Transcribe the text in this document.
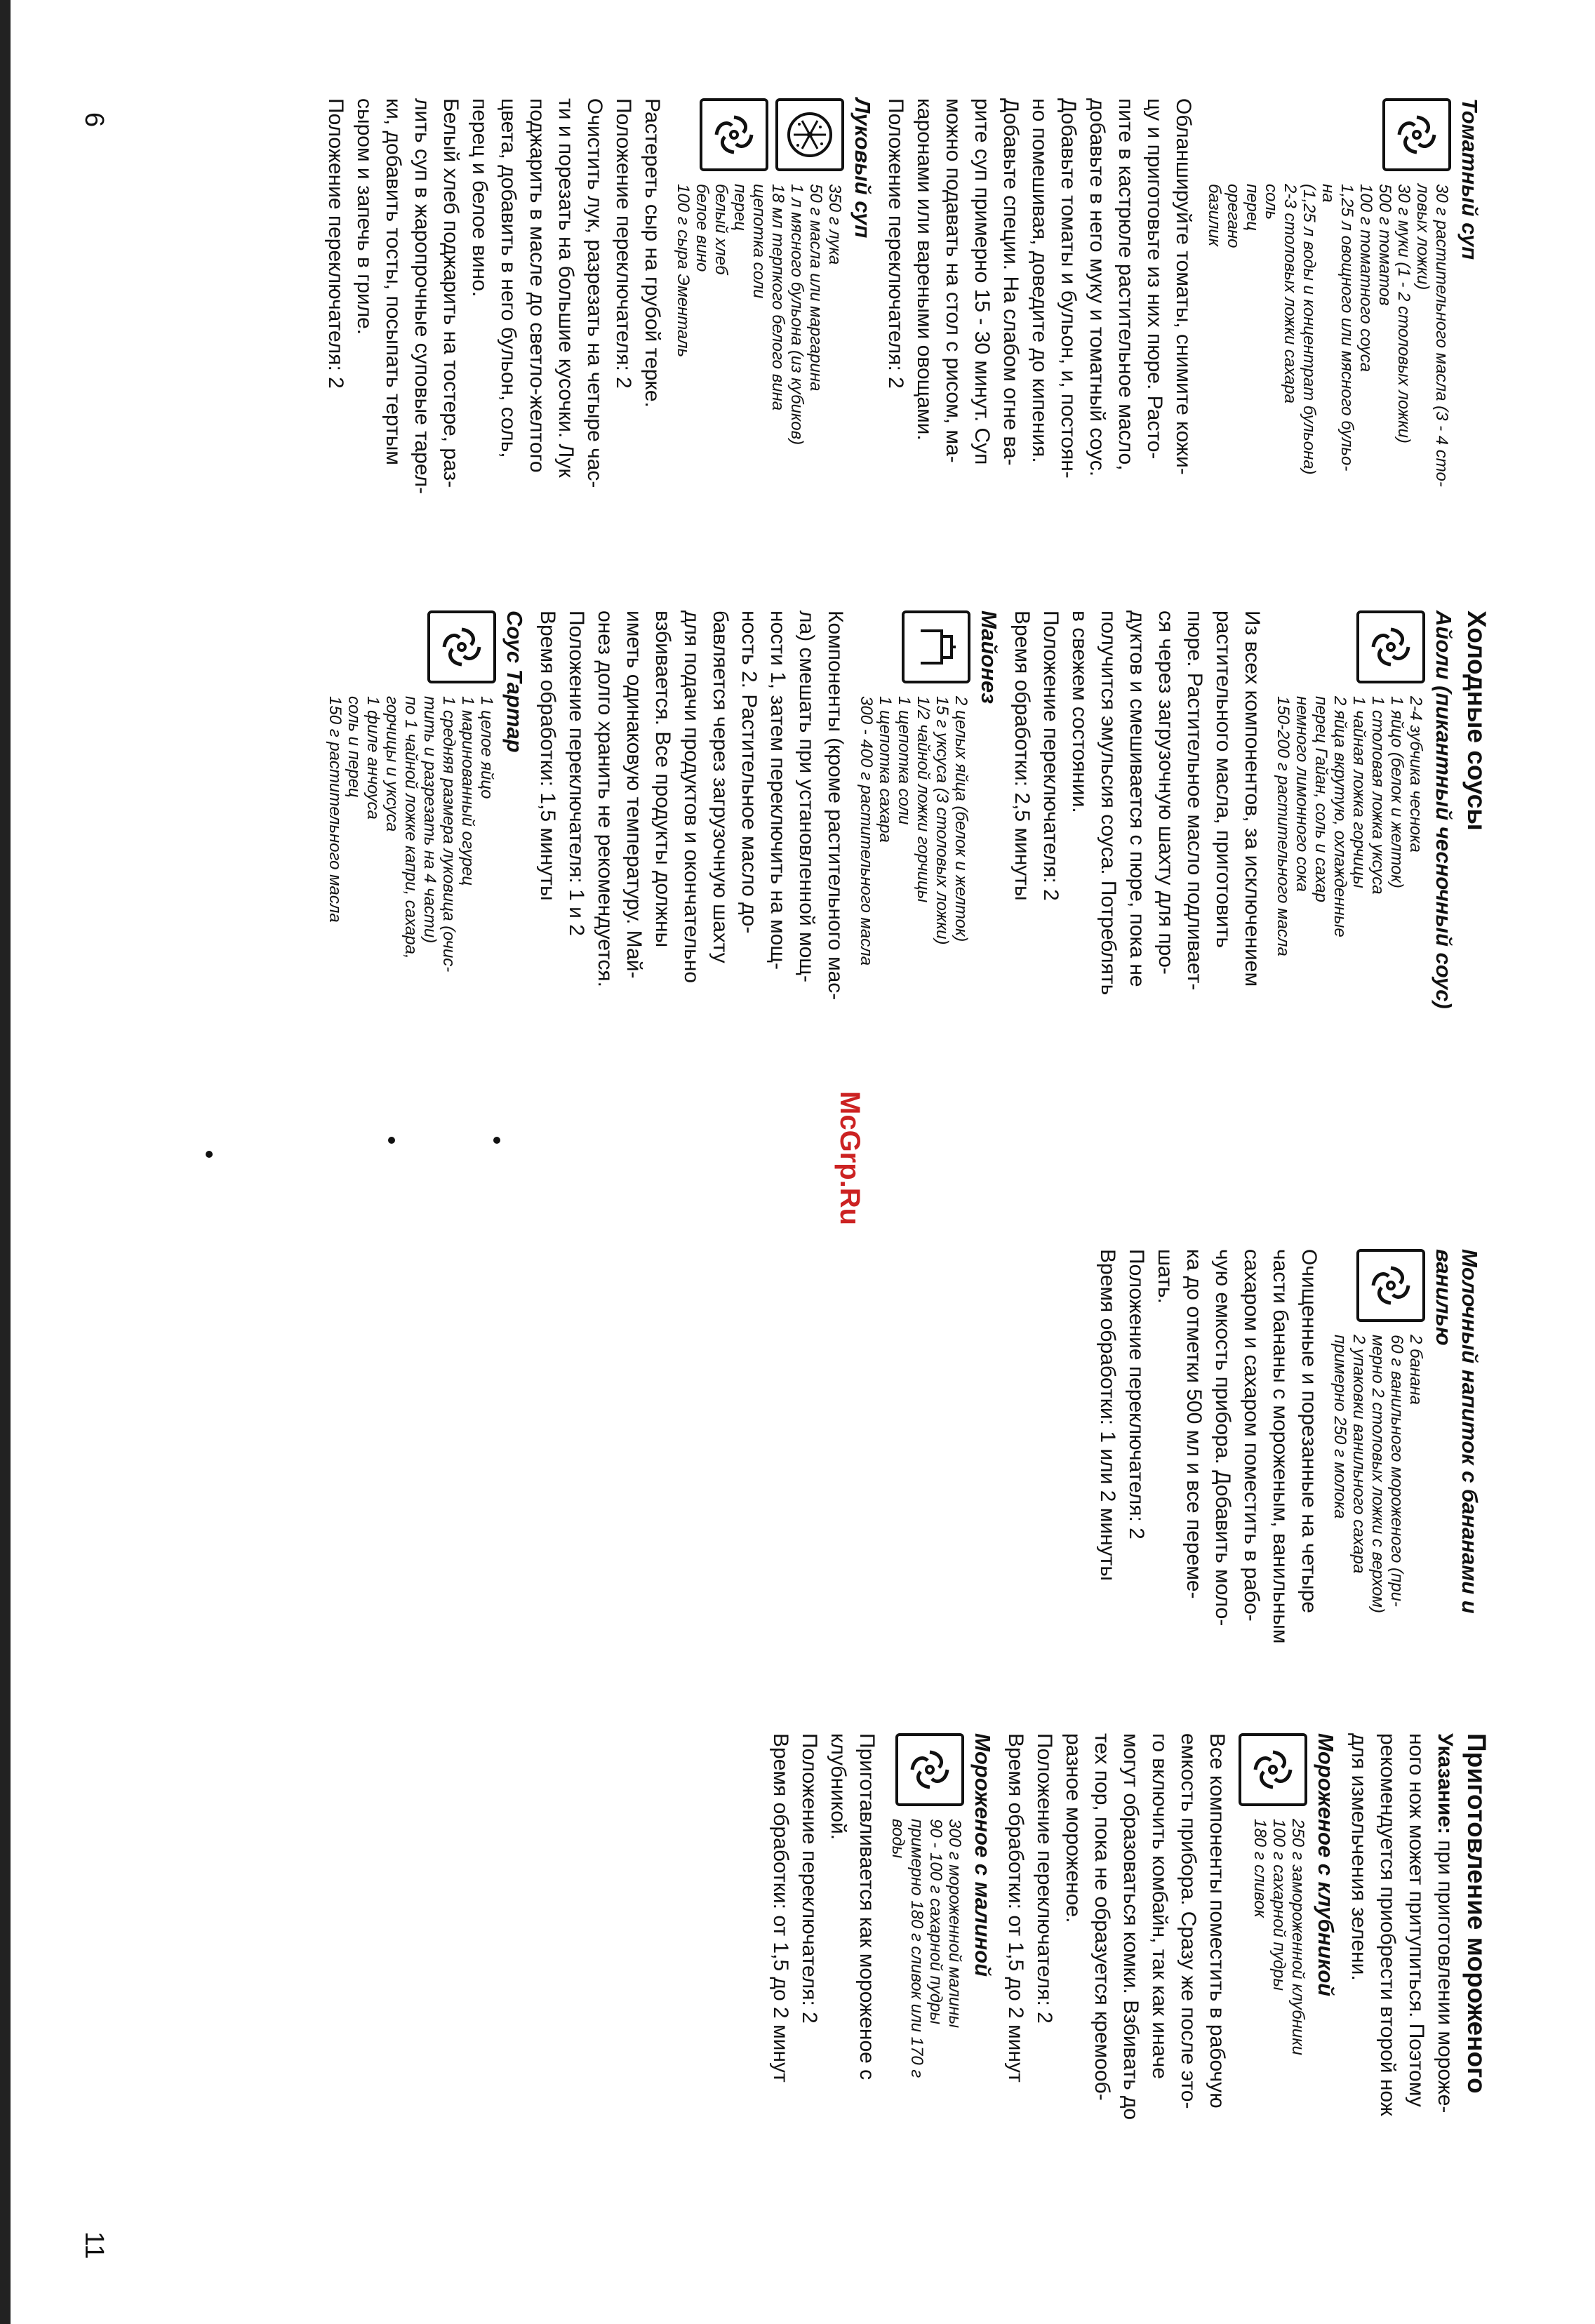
Томатный суп
30 г растительного масла (3 - 4 сто-
ловых ложки)
30 г муки (1 - 2 столовых ложки)
500 г томатов
100 г томатного соуса
1,25 л овощного или мясного бульо-
на
(1,25 л воды и концентрат бульона)
2-3 столовых ложки сахара
соль
перец
орегано
базилик

Обланшируйте томаты, снимите кожи-

цу и приготовьте из них пюре. Расто-

пите в кастрюле растительное масло,

добавьте в него муку и томатный соус.

Добавьте томаты и бульон, и, постоян-

но помешивая, доведите до кипения.

Добавьте специи. На слабом огне ва-

рите суп примерно 15 - 30 минут. Суп

можно подавать на стол с рисом, ма-

каронами или вареными овощами.

Положение переключателя: 2

Луковый суп
350 г лука
50 г масла или маргарина
1 л мясного бульона (из кубиков)
18 мл терпкого белого вина
щепотка соли
перец
белый хлеб
белое вино
100 г сыра Эменталь

Растереть сыр на грубой терке.

Положение переключателя: 2

Очистить лук, разрезать на четыре час-

ти и порезать на большие кусочки. Лук

поджарить в масле до светло-желтого

цвета, добавить в него бульон, соль,

перец и белое вино.

Белый хлеб поджарить на тостере, раз-

лить суп в жаропрочные суповые тарел-

ки, добавить тосты, посыпать тертым

сыром и запечь в гриле.

Положение переключателя: 2

Холодные соусы
Айоли (пикантный чесночный соус)
2-4 зубчика чеснока
1 яйцо (белок и желток)
1 столовая ложка уксуса
1 чайная ложка горчицы
2 яйца вкрутую, охлажденные
перец Гайан, соль и сахар
немного лимонного сока
150-200 г растительного масла

Из всех компонентов, за исключением

растительного масла, приготовить

пюре. Растительное масло подливает-

ся через загрузочную шахту для про-

дуктов и смешивается с пюре, пока не

получится эмульсия соуса. Потреблять

в свежем состоянии.

Положение переключателя: 2

Время обработки: 2,5 минуты

Майонез
2 целых яйца (белок и желток)
15 г уксуса (3 столовых ложки)
1/2 чайной ложки горчицы
1 щепотка соли
1 щепотка сахара
300 - 400 г растительного масла

Компоненты (кроме растительного мас-

ла) смешать при установленной мощ-

ности 1, затем переключить на мощ-

ность 2. Растительное масло до-

бавляется через загрузочную шахту

для подачи продуктов и окончательно

взбивается. Все продукты должны

иметь одинаковую температуру. Май-

онез долго хранить не рекомендуется.

Положение переключателя: 1 и 2

Время обработки: 1,5 минуты

Соус Тартар
1 целое яйцо
1 маринованный огурец
1 средняя размера луковица (очис-
тить и разрезать на 4 части)
по 1 чайной ложке капри, сахара,
горчицы и уксуса
1 филе анчоуса
соль и перец
150 г растительного масла
Молочный напиток с бананами и ванилью
2 банана
60 г ванильного мороженого (при-
мерно 2 столовых ложки с верхом)
2 упаковки ванильного сахара
примерно 250 г молока

Очищенные и порезанные на четыре

части бананы с мороженым, ванильным

сахаром и сахаром поместить в рабо-

чую емкость прибора. Добавить моло-

ка до отметки 500 мл и все переме-

шать.

Положение переключателя: 2

Время обработки: 1 или 2 минуты

Приготовление мороженого

Указание: при приготовлении мороже-

ного нож может притупиться. Поэтому

рекомендуется приобрести второй нож

для измельчения зелени.

Мороженое с клубникой
250 г замороженной клубники
100 г сахарной пудры
180 г сливок

Все компоненты поместить в рабочую

емкость прибора. Сразу же после это-

го включить комбайн, так как иначе

могут образоваться комки. Взбивать до

тех пор, пока не образуется кремооб-

разное мороженое.

Положение переключателя: 2

Время обработки: от 1,5 до 2 минут

Мороженое с малиной
300 г мороженной малины
90 - 100 г сахарной пудры
примерно 180 г сливок или 170 г
воды

Приготавливается как мороженое с

клубникой.

Положение переключателя: 2

Время обработки: от 1,5 до 2 минут

McGrp.Ru
6
11
